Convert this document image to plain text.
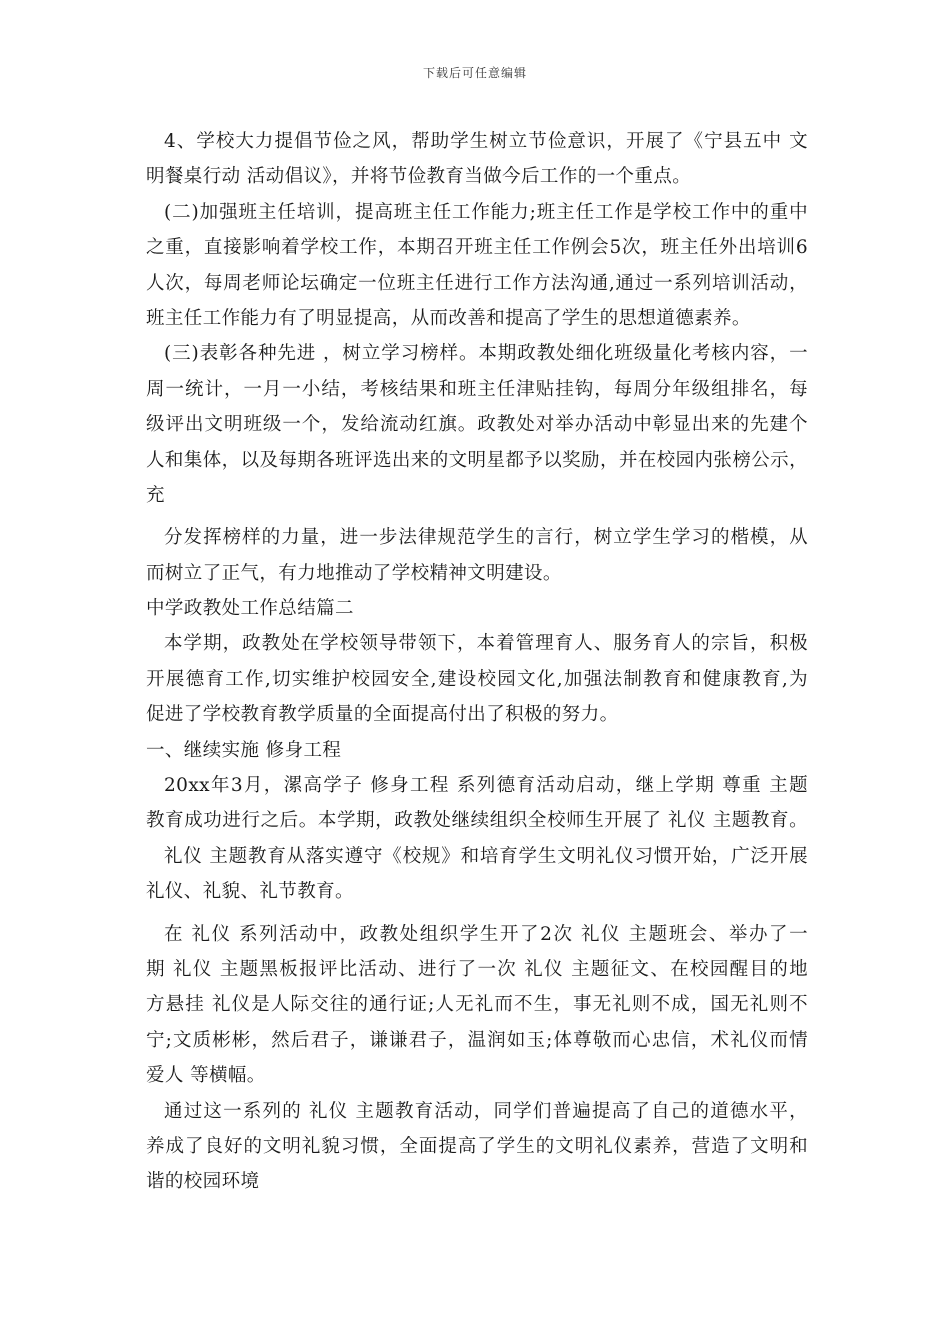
下载后可任意编辑
4、学校大力提倡节俭之风，帮助学生树立节俭意识，开展了《宁县五中 文
明餐桌行动 活动倡议》，并将节俭教育当做今后工作的一个重点。
(二)加强班主任培训，提高班主任工作能力;班主任工作是学校工作中的重中
之重，直接影响着学校工作，本期召开班主任工作例会5次，班主任外出培训6
人次，每周老师论坛确定一位班主任进行工作方法沟通,通过一系列培训活动，
班主任工作能力有了明显提高，从而改善和提高了学生的思想道德素养。
(三)表彰各种先进 ，树立学习榜样。本期政教处细化班级量化考核内容，一
周一统计，一月一小结，考核结果和班主任津贴挂钩，每周分年级组排名，每
级评出文明班级一个，发给流动红旗。政教处对举办活动中彰显出来的先建个
人和集体，以及每期各班评选出来的文明星都予以奖励，并在校园内张榜公示，
充
分发挥榜样的力量，进一步法律规范学生的言行，树立学生学习的楷模，从
而树立了正气，有力地推动了学校精神文明建设。
中学政教处工作总结篇二
本学期，政教处在学校领导带领下，本着管理育人、服务育人的宗旨，积极
开展德育工作,切实维护校园安全,建设校园文化,加强法制教育和健康教育,为
促进了学校教育教学质量的全面提高付出了积极的努力。
一、继续实施 修身工程
20xx年3月，漯高学子 修身工程 系列德育活动启动，继上学期 尊重 主题
教育成功进行之后。本学期，政教处继续组织全校师生开展了 礼仪 主题教育。
礼仪 主题教育从落实遵守《校规》和培育学生文明礼仪习惯开始，广泛开展
礼仪、礼貌、礼节教育。
在 礼仪 系列活动中，政教处组织学生开了2次 礼仪 主题班会、举办了一
期 礼仪 主题黑板报评比活动、进行了一次 礼仪 主题征文、在校园醒目的地
方悬挂 礼仪是人际交往的通行证;人无礼而不生，事无礼则不成，国无礼则不
宁;文质彬彬，然后君子，谦谦君子，温润如玉;体尊敬而心忠信，术礼仪而情
爱人 等横幅。
通过这一系列的 礼仪 主题教育活动，同学们普遍提高了自己的道德水平，
养成了良好的文明礼貌习惯，全面提高了学生的文明礼仪素养，营造了文明和
谐的校园环境
